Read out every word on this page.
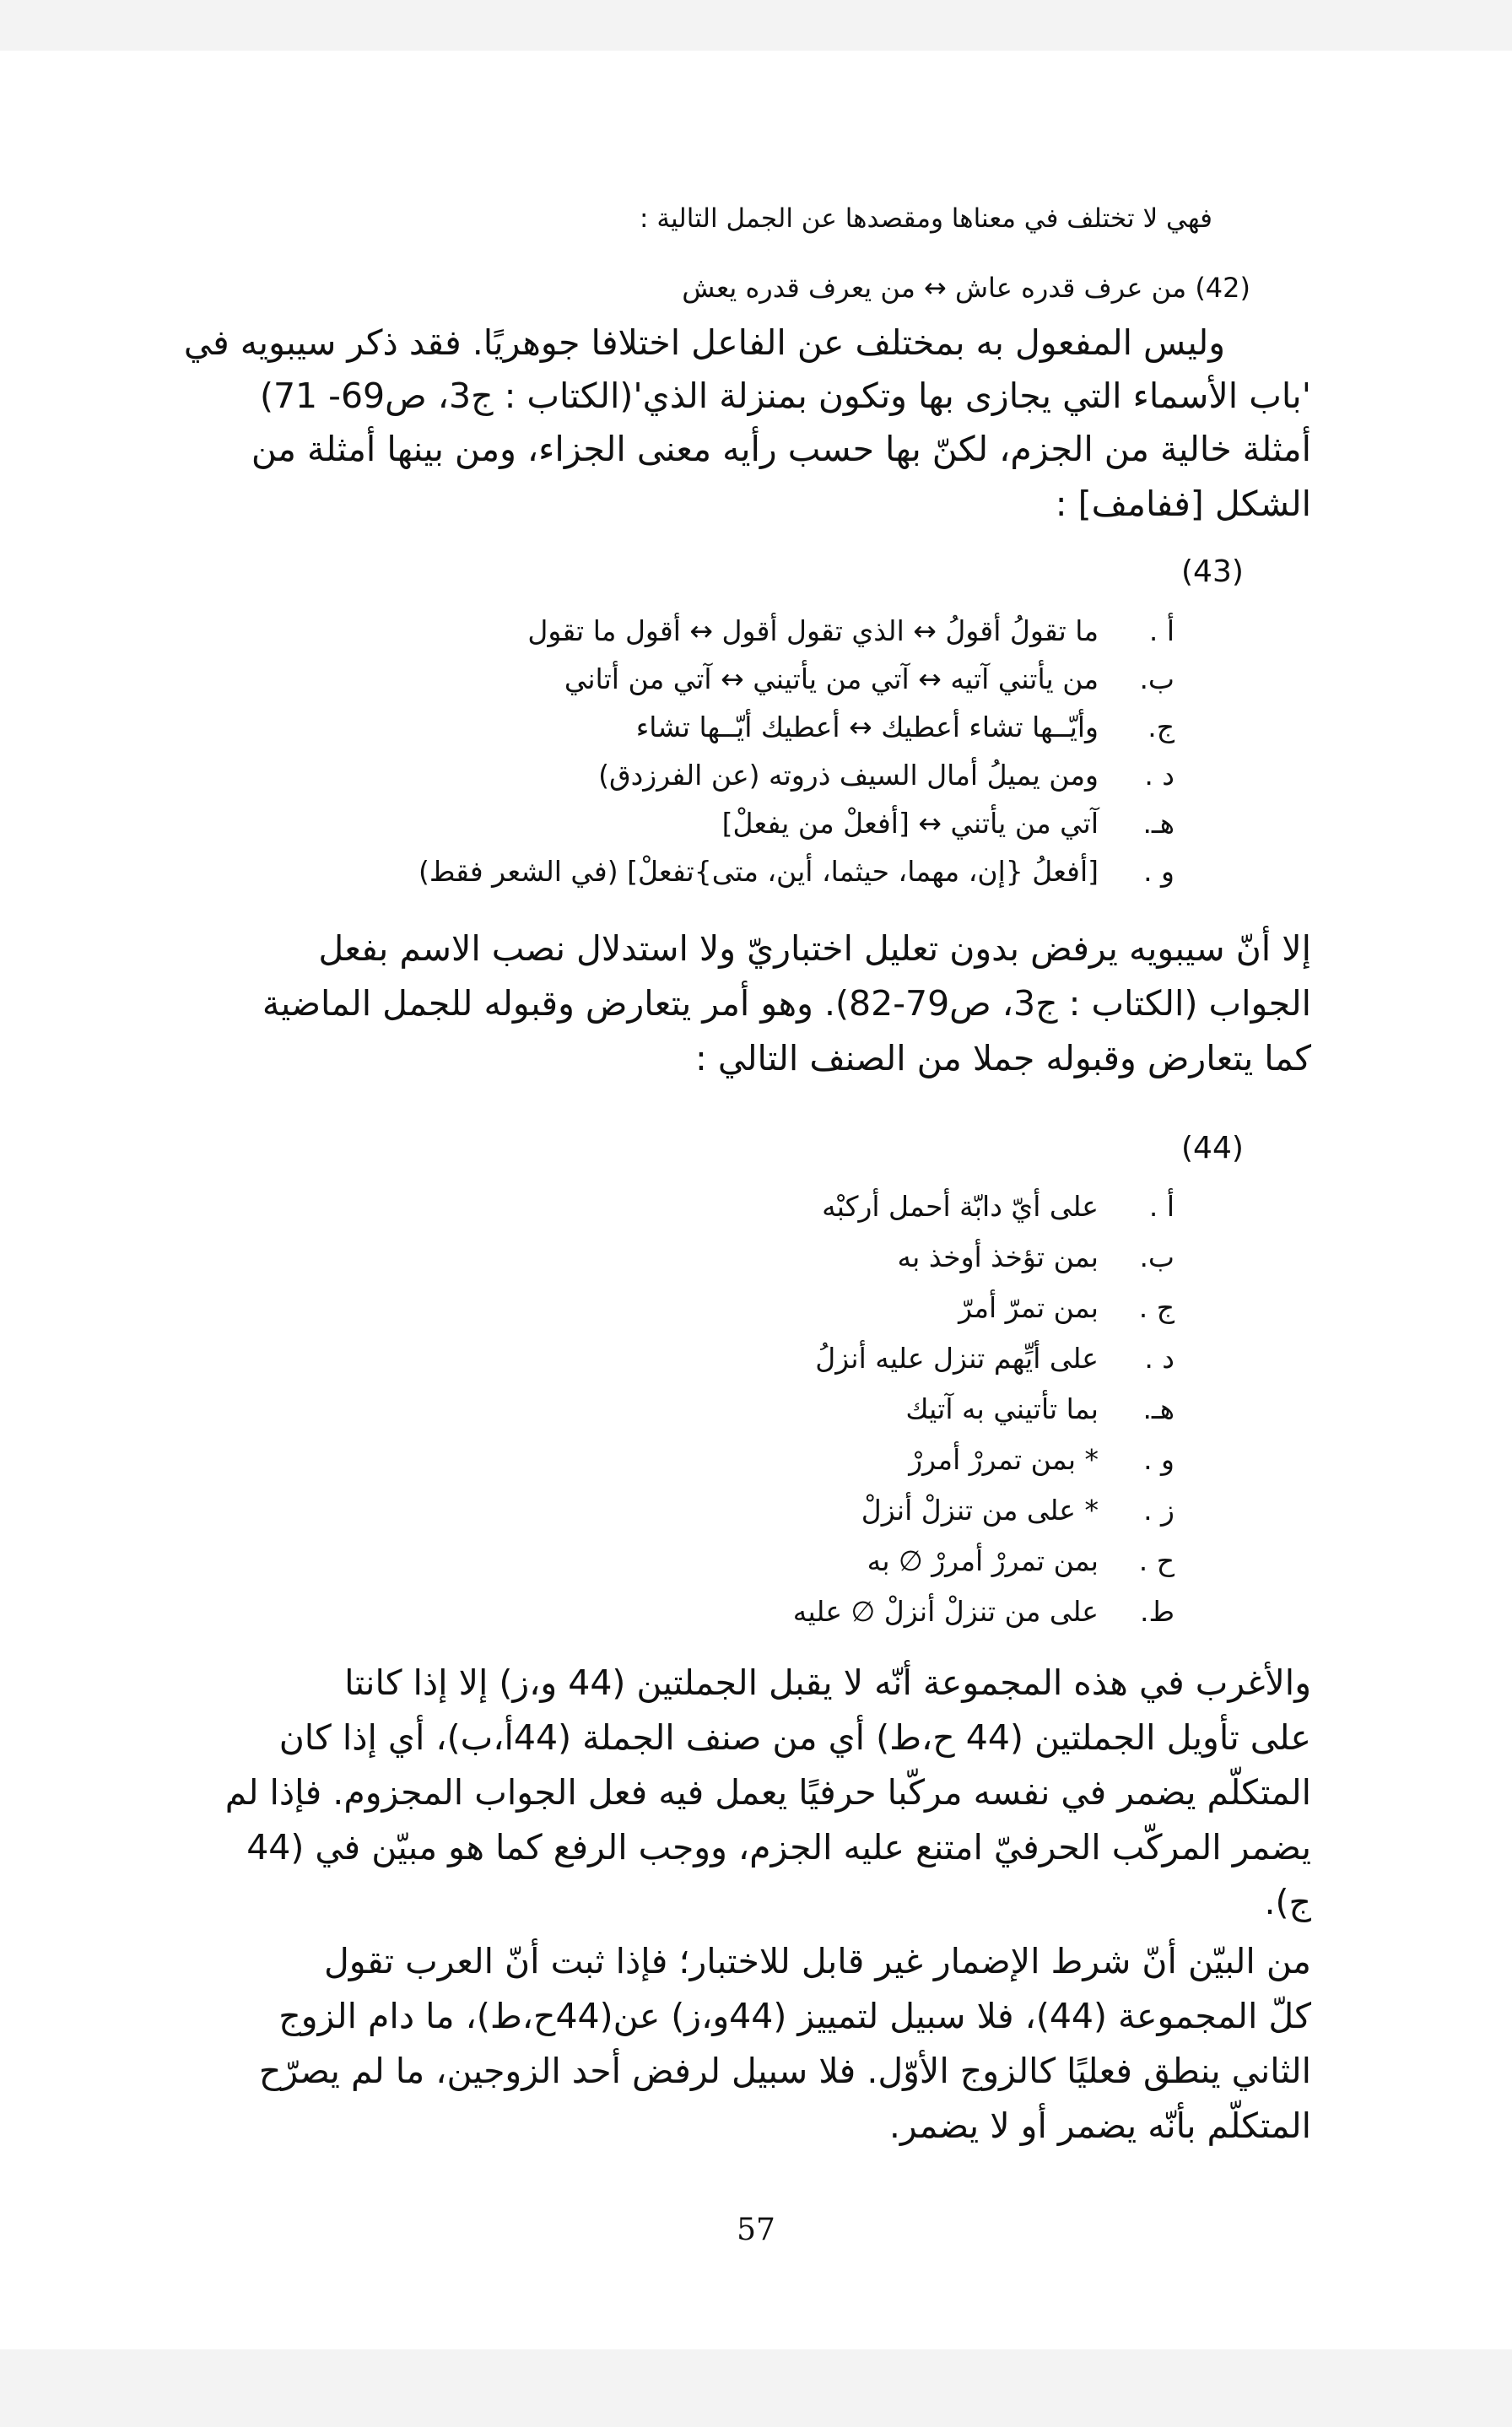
فهي لا تختلف في معناها ومقصدها عن الجمل التالية :
(42) من عرف قدره عاش ↔ من يعرف قدره يعش
وليس المفعول به بمختلف عن الفاعل اختلافا جوهريًا. فقد ذكر سيبويه في
'باب الأسماء التي يجازى بها وتكون بمنزلة الذي'(الكتاب : ج3، ص69- 71)
أمثلة خالية من الجزم، لكنّ بها حسب رأيه معنى الجزاء، ومن بينها أمثلة من
الشكل [ففامف] :
(43)
أ .ما تقولُ أقولُ ↔ الذي تقول أقول ↔ أقول ما تقول
ب.من يأتني آتيه ↔ آتي من يأتيني ↔ آتي من أتاني
ج.وأيّــها تشاء أعطيك ↔ أعطيك أيّــها تشاء
د .ومن يميلُ أمال السيف ذروته (عن الفرزدق)
هـ.آتي من يأتني ↔ [أفعلْ من يفعلْ]
و .[أفعلُ {إن، مهما، حيثما، أين، متى}تفعلْ] (في الشعر فقط)
إلا أنّ سيبويه يرفض بدون تعليل اختباريّ ولا استدلال نصب الاسم بفعل
الجواب (الكتاب : ج3، ص79-82). وهو أمر يتعارض وقبوله للجمل الماضية
كما يتعارض وقبوله جملا من الصنف التالي :
(44)
أ .على أيّ دابّة أحمل أركبْه
ب.بمن تؤخذ أوخذ به
ج .بمن تمرّ أمرّ
د .على أيِّهم تنزل عليه أنزلُ
هـ.بما تأتيني به آتيك
و .* بمن تمررْ أمررْ
ز .* على من تنزلْ أنزلْ
ح .بمن تمررْ أمررْ ∅ به
ط.على من تنزلْ أنزلْ ∅ عليه
والأغرب في هذه المجموعة أنّه لا يقبل الجملتين (44 و،ز) إلا إذا كانتا
على تأويل الجملتين (44 ح،ط) أي من صنف الجملة (44أ،ب)، أي إذا كان
المتكلّم يضمر في نفسه مركّبا حرفيًا يعمل فيه فعل الجواب المجزوم. فإذا لم
يضمر المركّب الحرفيّ امتنع عليه الجزم، ووجب الرفع كما هو مبيّن في (44
ج).
من البيّن أنّ شرط الإضمار غير قابل للاختبار؛ فإذا ثبت أنّ العرب تقول
كلّ المجموعة (44)، فلا سبيل لتمييز (44و،ز) عن(44ح،ط)، ما دام الزوج
الثاني ينطق فعليًا كالزوج الأوّل. فلا سبيل لرفض أحد الزوجين، ما لم يصرّح
المتكلّم بأنّه يضمر أو لا يضمر.
57
